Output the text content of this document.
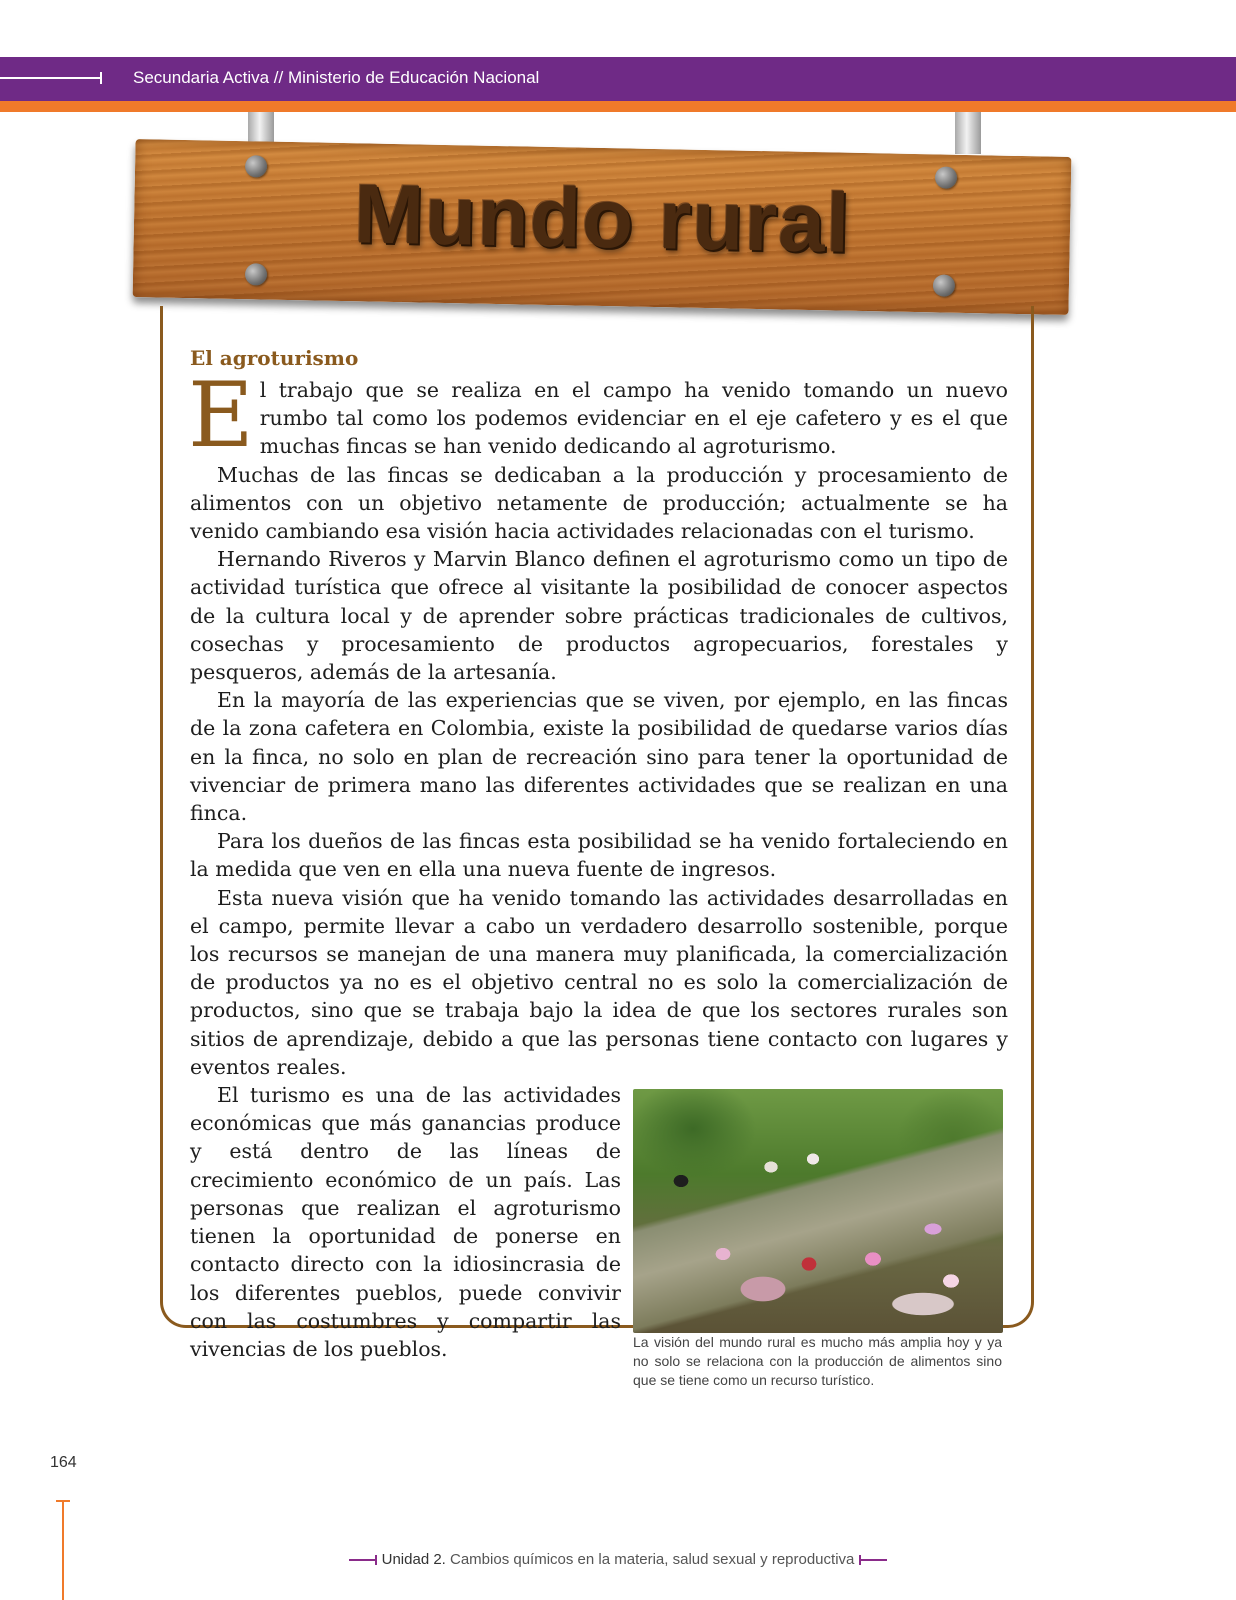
Secundaria Activa // Ministerio de Educación Nacional
Mundo rural
El agroturismo

El trabajo que se realiza en el campo ha venido tomando un nuevo rumbo tal como los podemos evidenciar en el eje cafetero y es el que muchas fincas se han venido dedicando al agroturismo.

Muchas de las fincas se dedicaban a la producción y procesamiento de alimentos con un objetivo netamente de producción; actualmente se ha venido cambiando esa visión hacia actividades relacionadas con el turismo.

Hernando Riveros y Marvin Blanco definen el agroturismo como un tipo de actividad turística que ofrece al visitante la posibilidad de conocer aspectos de la cultura local y de aprender sobre prácticas tradicionales de cultivos, cosechas y procesamiento de productos agropecuarios, forestales y pesqueros, además de la artesanía.

En la mayoría de las experiencias que se viven, por ejemplo, en las fincas de la zona cafetera en Colombia, existe la posibilidad de quedarse varios días en la finca, no solo en plan de recreación sino para tener la oportunidad de vivenciar de primera mano las diferentes actividades que se realizan en una finca.

Para los dueños de las fincas esta posibilidad se ha venido fortaleciendo en la medida que ven en ella una nueva fuente de ingresos.

Esta nueva visión que ha venido tomando las actividades desarrolladas en el campo, permite llevar a cabo un verdadero desarrollo sostenible, porque los recursos se manejan de una manera muy planificada, la comercialización de productos ya no es el objetivo central no es solo la comercialización de productos, sino que se trabaja bajo la idea de que los sectores rurales son sitios de aprendizaje, debido a que las personas tiene contacto con lugares y eventos reales.

La visión del mundo rural es mucho más amplia hoy y ya no solo se relaciona con la producción de alimentos sino que se tiene como un recurso turístico.

El turismo es una de las actividades económicas que más ganancias produce y está dentro de las líneas de crecimiento económico de un país. Las personas que realizan el agroturismo tienen la oportunidad de ponerse en contacto directo con la idiosincrasia de los diferentes pueblos, puede convivir con las costumbres y compartir las vivencias de los pueblos.

164
Unidad 2. Cambios químicos en la materia, salud sexual y reproductiva
